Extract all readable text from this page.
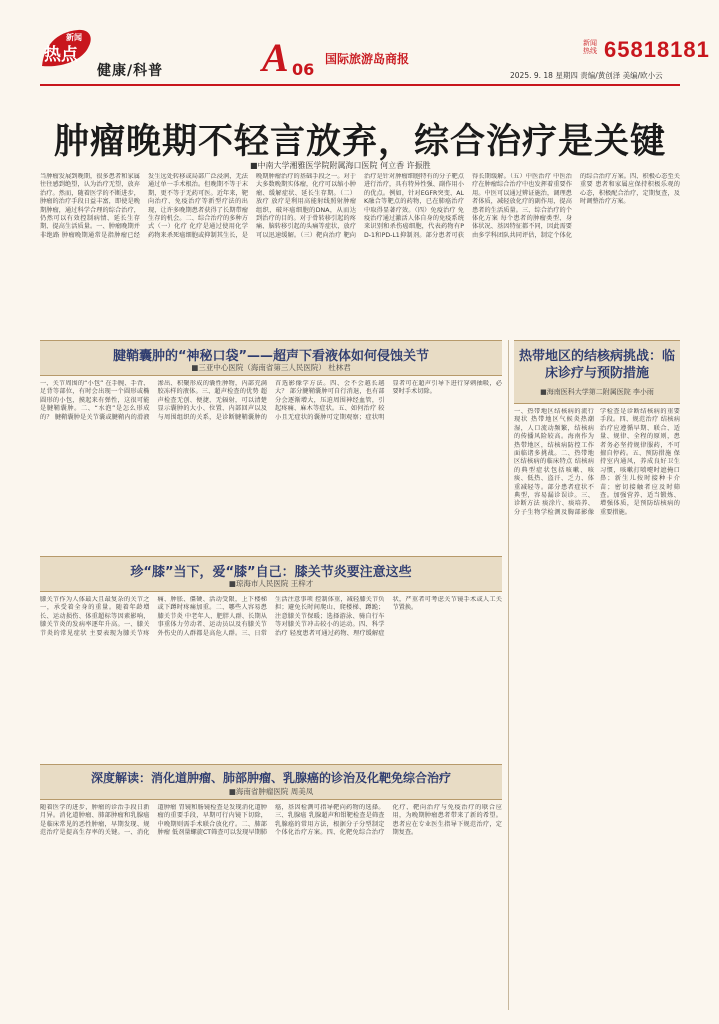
热点
新闻
健康/科普 A 06
国际旅游岛商报
新闻热线 65818181
2025. 9. 18 星期四 责编/黄创泽 美编/欧小云
肿瘤晚期不轻言放弃，综合治疗是关键
■中南大学湘雅医学院附属海口医院 何立香 许振胜
当肿瘤发展到晚期，很多患者和家属往往感到绝望，认为治疗无望，放弃治疗。然而，随着医学的不断进步，肿瘤的治疗手段日益丰富，即使是晚期肿瘤，通过科学合理的综合治疗，仍然可以有效控制病情、延长生存期、提高生活质量。一、肿瘤晚期并非绝路 肿瘤晚期通常是指肿瘤已经发生远处转移或局部广泛浸润，无法通过单一手术根治。但晚期不等于末期，更不等于无药可医。近年来，靶向治疗、免疫治疗等新型疗法的出现，让许多晚期患者获得了长期带瘤生存的机会。二、综合治疗的多种方式（一）化疗 化疗是通过使用化学药物来杀死癌细胞或抑制其生长，是晚期肿瘤治疗的基础手段之一。对于大多数晚期实体瘤，化疗可以缩小肿瘤、缓解症状、延长生存期。（二）放疗 放疗是利用高能射线照射肿瘤组织，破坏癌细胞的DNA，从而达到治疗的目的。对于骨转移引起的疼痛、脑转移引起的头痛等症状，放疗可以迅速缓解。（三）靶向治疗 靶向治疗是针对肿瘤细胞特有的分子靶点进行治疗，具有特异性强、副作用小的优点。例如，针对EGFR突变、ALK融合等靶点的药物，已在肺癌治疗中取得显著疗效。（四）免疫治疗 免疫治疗通过激活人体自身的免疫系统来识别和杀伤癌细胞，代表药物有PD-1和PD-L1抑制剂。部分患者可获得长期缓解。（五）中医治疗 中医治疗在肿瘤综合治疗中也发挥着重要作用。中医可以通过辨证施治，调理患者体质，减轻放化疗的副作用，提高患者的生活质量。三、综合治疗的个体化方案 每个患者的肿瘤类型、身体状况、基因特征都不同，因此需要由多学科团队共同评估，制定个体化的综合治疗方案。四、积极心态至关重要 患者和家属应保持积极乐观的心态，积极配合治疗，定期复查，及时调整治疗方案。
腱鞘囊肿的“神秘口袋”——超声下看液体如何侵蚀关节
■三亚中心医院（海南省第三人民医院） 杜林君
一、关节周围的“小包” 在手腕、手背、足背等部位，有时会出现一个圆形或椭圆形的小包，摸起来有弹性，这很可能是腱鞘囊肿。二、“水泡”是怎么形成的？ 腱鞘囊肿是关节囊或腱鞘内的滑液渗出、积聚形成的囊性肿物，内部充满胶冻样的液体。三、超声检查的优势 超声检查无创、便捷、无辐射，可以清楚显示囊肿的大小、位置、内部回声以及与周围组织的关系，是诊断腱鞘囊肿的首选影像学方法。四、会不会越长越大？ 部分腱鞘囊肿可自行消退，也有部分会逐渐增大，压迫周围神经血管，引起疼痛、麻木等症状。五、如何治疗 较小且无症状的囊肿可定期观察；症状明显者可在超声引导下进行穿刺抽吸，必要时手术切除。
热带地区的结核病挑战：临床诊疗与预防措施
■海南医科大学第二附属医院 李小雨
一、热带地区结核病的流行现状 热带地区气候炎热潮湿，人口流动频繁，结核病的传播风险较高。海南作为热带地区，结核病防控工作面临诸多挑战。二、热带地区结核病的临床特点 结核病的典型症状包括咳嗽、咳痰、低热、盗汗、乏力、体重减轻等。部分患者症状不典型，容易漏诊误诊。三、诊断方法 痰涂片、痰培养、分子生物学检测及胸部影像学检查是诊断结核病的重要手段。四、规范治疗 结核病治疗应遵循早期、联合、适量、规律、全程的原则，患者务必坚持规律服药，不可擅自停药。五、预防措施 保持室内通风，养成良好卫生习惯，咳嗽打喷嚏时遮掩口鼻；新生儿按时接种卡介苗；密切接触者应及时筛查。加强营养、适当锻炼、增强体质，是预防结核病的重要措施。
珍“膝”当下，爱“膝”自己：膝关节炎要注意这些
■琼海市人民医院 王梓才
膝关节作为人体最大且最复杂的关节之一，承受着全身的重量。随着年龄增长、运动损伤、体重超标等因素影响，膝关节炎的发病率逐年升高。一、膝关节炎的常见症状 主要表现为膝关节疼痛、肿胀、僵硬、活动受限，上下楼梯或下蹲时疼痛加重。二、哪些人容易患膝关节炎 中老年人、肥胖人群、长期从事重体力劳动者、运动员以及有膝关节外伤史的人群都是高危人群。三、日常生活注意事项 控制体重，减轻膝关节负担；避免长时间爬山、爬楼梯、蹲跪；注意膝关节保暖；选择游泳、骑自行车等对膝关节冲击较小的运动。四、科学治疗 轻度患者可通过药物、理疗缓解症状，严重者可考虑关节镜手术或人工关节置换。
深度解读：消化道肿瘤、肺部肿瘤、乳腺癌的诊治及化靶免综合治疗
■海南省肿瘤医院 周美凤
随着医学的进步，肿瘤的诊治手段日新月异。消化道肿瘤、肺部肿瘤和乳腺癌是临床常见的恶性肿瘤，早期发现、规范治疗是提高生存率的关键。一、消化道肿瘤 胃镜和肠镜检查是发现消化道肿瘤的重要手段，早期可行内镜下切除，中晚期则需手术联合放化疗。二、肺部肿瘤 低剂量螺旋CT筛查可以发现早期肺癌，基因检测可指导靶向药物的选择。三、乳腺癌 乳腺超声和钼靶检查是筛查乳腺癌的常用方法，根据分子分型制定个体化治疗方案。四、化靶免综合治疗 化疗、靶向治疗与免疫治疗的联合应用，为晚期肿瘤患者带来了新的希望。患者应在专业医生指导下规范治疗，定期复查。
